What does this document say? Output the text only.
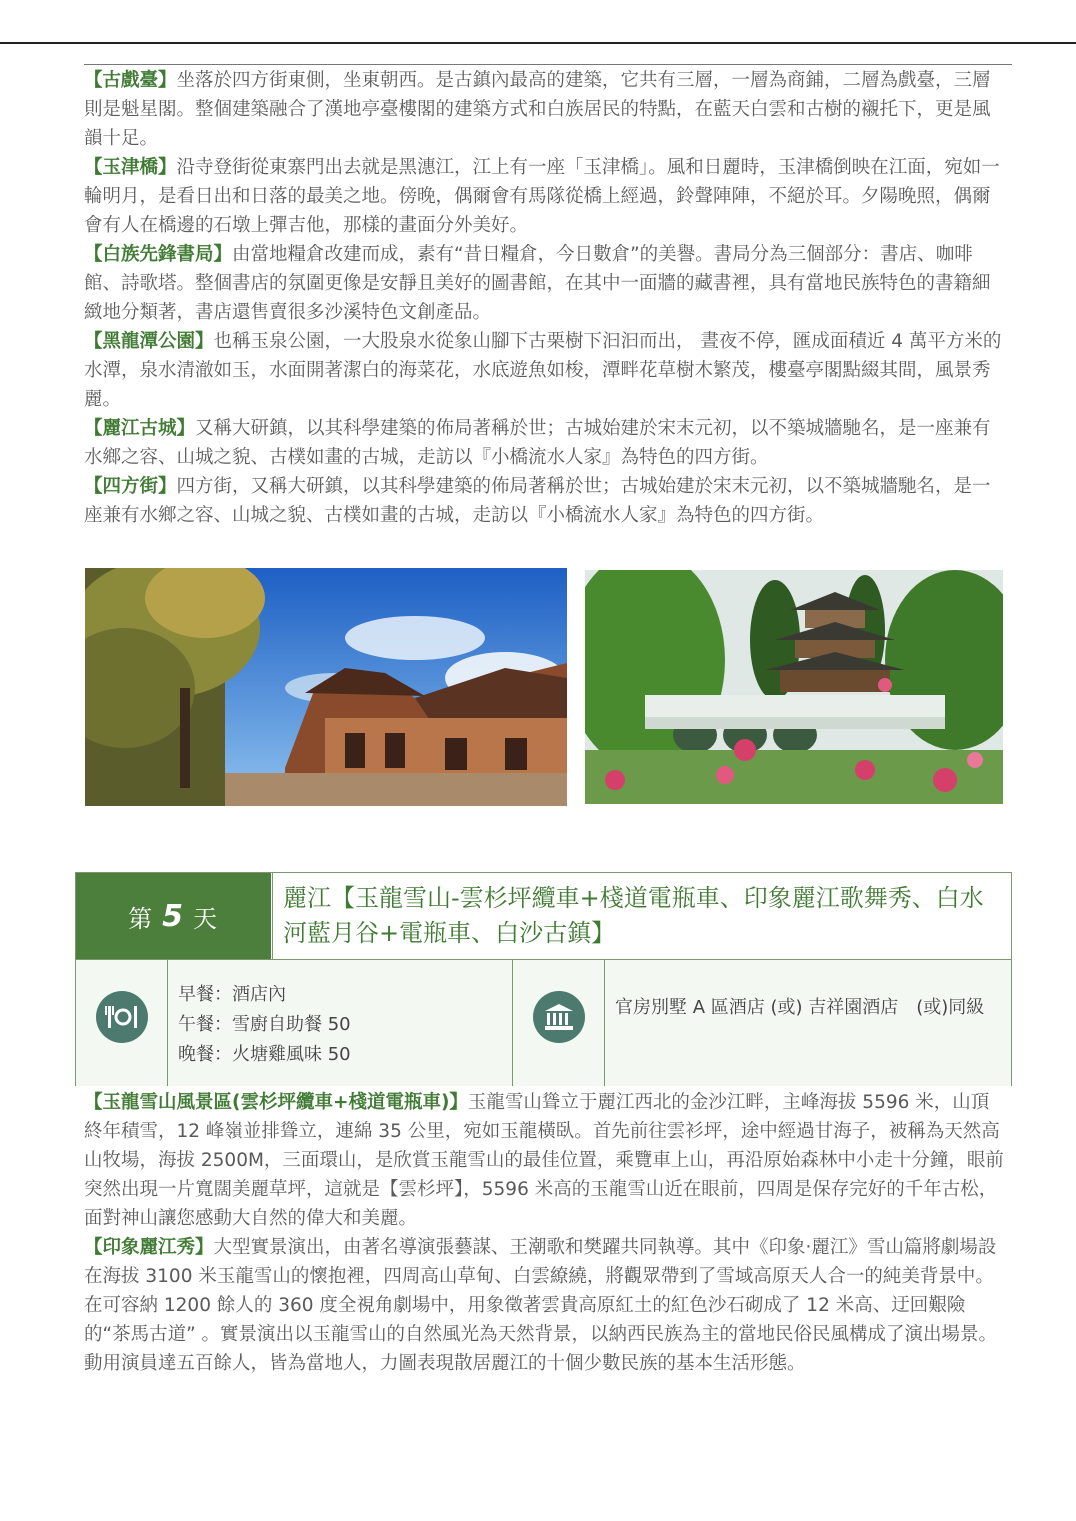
【古戲臺】坐落於四方街東側，坐東朝西。是古鎮內最高的建築，它共有三層，一層為商鋪，二層為戲臺，三層則是魁星閣。整個建築融合了漢地亭臺樓閣的建築方式和白族居民的特點，在藍天白雲和古樹的襯托下，更是風韻十足。

【玉津橋】沿寺登街從東寨門出去就是黑潓江，江上有一座「玉津橋」。風和日麗時，玉津橋倒映在江面，宛如一輪明月，是看日出和日落的最美之地。傍晚，偶爾會有馬隊從橋上經過，鈴聲陣陣，不絕於耳。夕陽晚照，偶爾會有人在橋邊的石墩上彈吉他，那樣的畫面分外美好。

【白族先鋒書局】由當地糧倉改建而成，素有“昔日糧倉，今日數倉”的美譽。書局分為三個部分：書店、咖啡館、詩歌塔。整個書店的氛圍更像是安靜且美好的圖書館，在其中一面牆的藏書裡，具有當地民族特色的書籍細緻地分類著，書店還售賣很多沙溪特色文創產品。

【黑龍潭公園】也稱玉泉公園，一大股泉水從象山腳下古栗樹下汩汩而出， 晝夜不停，匯成面積近 4 萬平方米的水潭，泉水清澈如玉，水面開著潔白的海菜花，水底遊魚如梭，潭畔花草樹木繁茂，樓臺亭閣點綴其間，風景秀麗。

【麗江古城】又稱大研鎮，以其科學建築的佈局著稱於世；古城始建於宋末元初，以不築城牆馳名，是一座兼有水鄉之容、山城之貌、古樸如畫的古城，走訪以『小橋流水人家』為特色的四方街。

【四方街】四方街，又稱大研鎮，以其科學建築的佈局著稱於世；古城始建於宋末元初，以不築城牆馳名，是一座兼有水鄉之容、山城之貌、古樸如畫的古城，走訪以『小橋流水人家』為特色的四方街。

第 5 天
麗江【玉龍雪山-雲杉坪纜車+棧道電瓶車、印象麗江歌舞秀、白水河藍月谷+電瓶車、白沙古鎮】
早餐：酒店內
午餐：雪廚自助餐 50
晚餐：火塘雞風味 50
官房別墅 A 區酒店 (或) 吉祥園酒店　(或)同級

【玉龍雪山風景區(雲杉坪纜車+棧道電瓶車)】玉龍雪山聳立于麗江西北的金沙江畔，主峰海拔 5596 米，山頂終年積雪，12 峰嶺並排聳立，連綿 35 公里，宛如玉龍橫臥。首先前往雲衫坪，途中經過甘海子，被稱為天然高山牧場，海拔 2500M，三面環山，是欣賞玉龍雪山的最佳位置，乘覽車上山，再沿原始森林中小走十分鐘，眼前突然出現一片寬闊美麗草坪，這就是【雲杉坪】，5596 米高的玉龍雪山近在眼前，四周是保存完好的千年古松，面對神山讓您感動大自然的偉大和美麗。

【印象麗江秀】大型實景演出，由著名導演張藝謀、王潮歌和樊躍共同執導。其中《印象·麗江》雪山篇將劇場設在海拔 3100 米玉龍雪山的懷抱裡，四周高山草甸、白雲繚繞，將觀眾帶到了雪域高原天人合一的純美背景中。在可容納 1200 餘人的 360 度全視角劇場中，用象徵著雲貴高原紅土的紅色沙石砌成了 12 米高、迂回艱險的“茶馬古道” 。實景演出以玉龍雪山的自然風光為天然背景，以納西民族為主的當地民俗民風構成了演出場景。動用演員達五百餘人，皆為當地人，力圖表現散居麗江的十個少數民族的基本生活形態。
